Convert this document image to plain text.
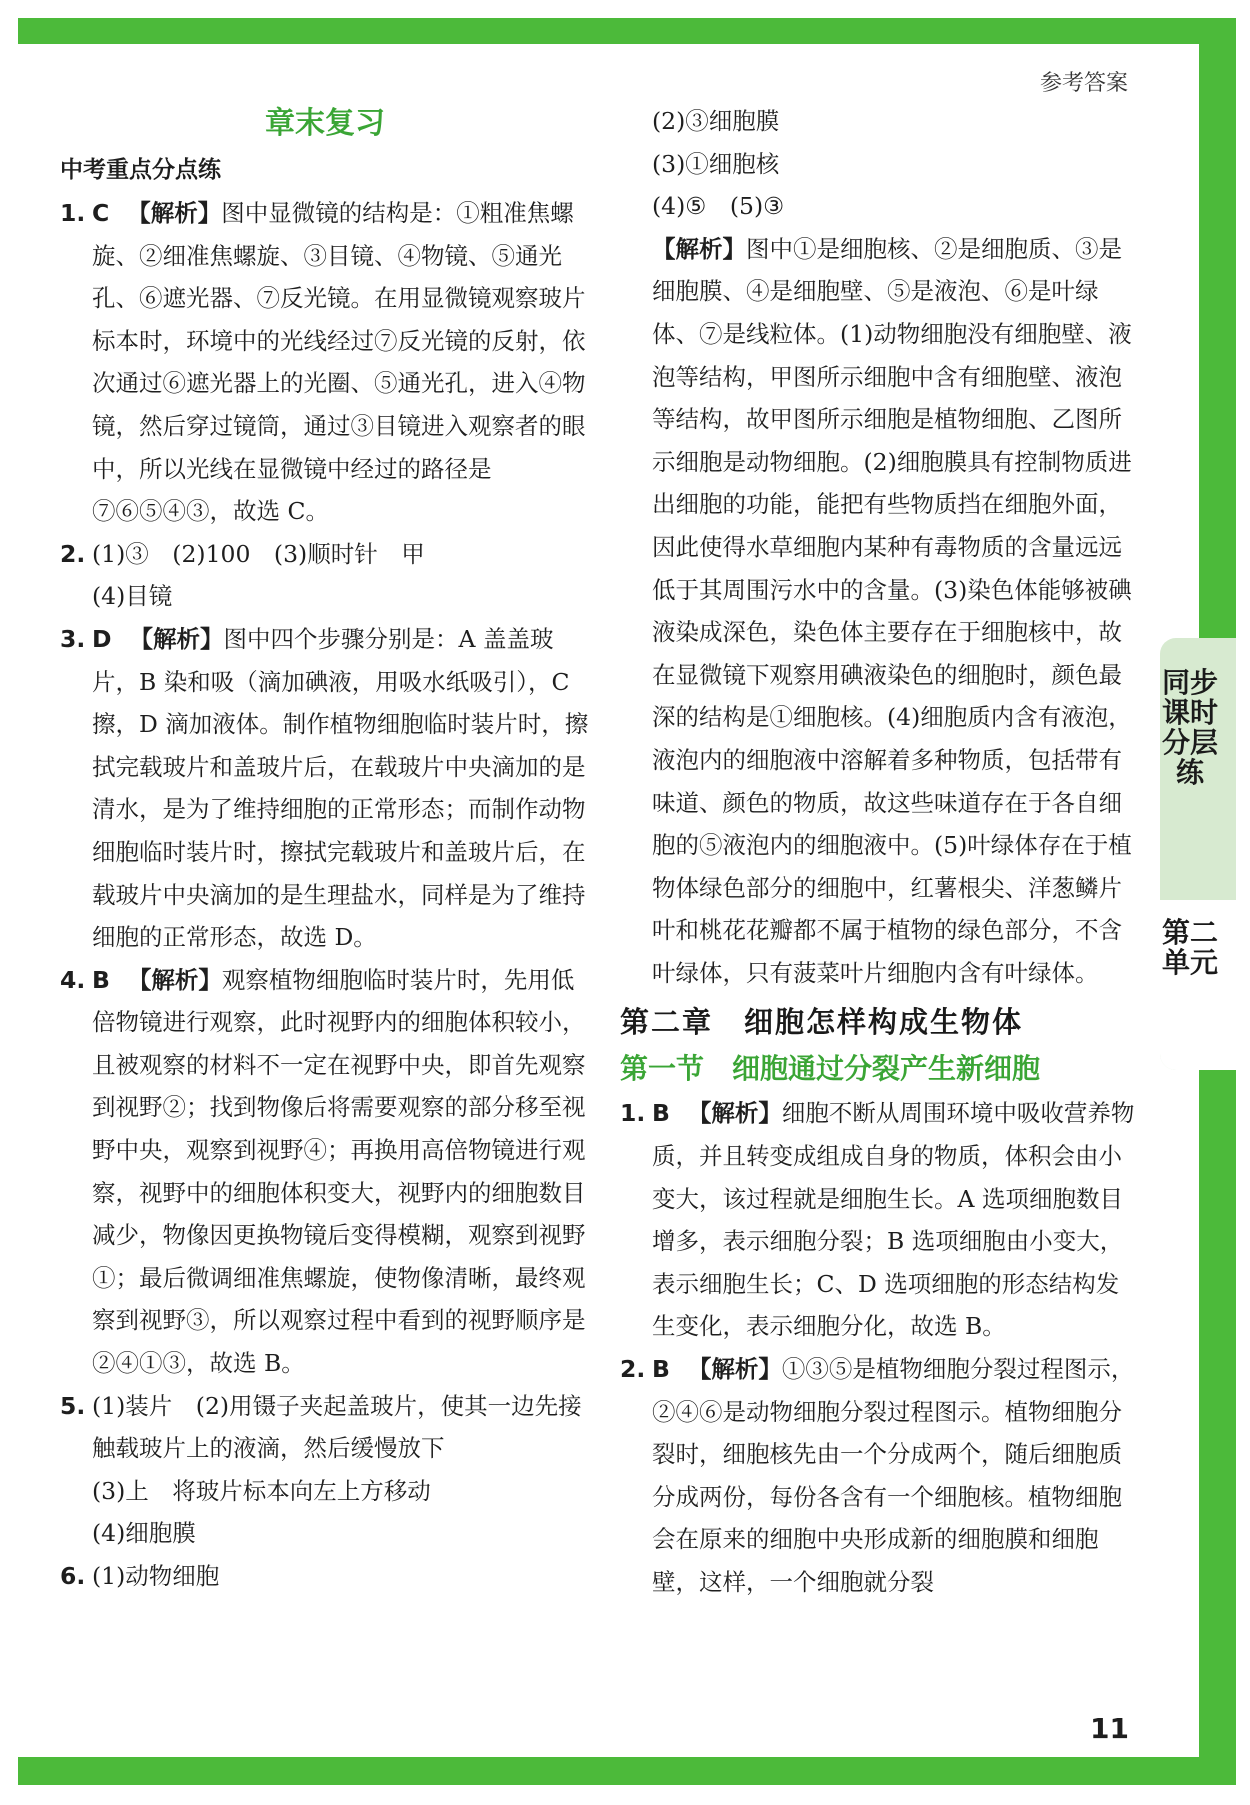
同步课时分层练
第二单元
参考答案
章末复习
中考重点分点练
1. C 【解析】图中显微镜的结构是：①粗准焦螺旋、②细准焦螺旋、③目镜、④物镜、⑤通光孔、⑥遮光器、⑦反光镜。在用显微镜观察玻片标本时，环境中的光线经过⑦反光镜的反射，依次通过⑥遮光器上的光圈、⑤通光孔，进入④物镜，然后穿过镜筒，通过③目镜进入观察者的眼中，所以光线在显微镜中经过的路径是⑦⑥⑤④③，故选 C。

2. (1)③　(2)100　(3)顺时针　甲

(4)目镜

3. D 【解析】图中四个步骤分别是：A 盖盖玻片，B 染和吸（滴加碘液，用吸水纸吸引），C 擦，D 滴加液体。制作植物细胞临时装片时，擦拭完载玻片和盖玻片后，在载玻片中央滴加的是清水，是为了维持细胞的正常形态；而制作动物细胞临时装片时，擦拭完载玻片和盖玻片后，在载玻片中央滴加的是生理盐水，同样是为了维持细胞的正常形态，故选 D。

4. B 【解析】观察植物细胞临时装片时，先用低倍物镜进行观察，此时视野内的细胞体积较小，且被观察的材料不一定在视野中央，即首先观察到视野②；找到物像后将需要观察的部分移至视野中央，观察到视野④；再换用高倍物镜进行观察，视野中的细胞体积变大，视野内的细胞数目减少，物像因更换物镜后变得模糊，观察到视野①；最后微调细准焦螺旋，使物像清晰，最终观察到视野③，所以观察过程中看到的视野顺序是②④①③，故选 B。

5. (1)装片　(2)用镊子夹起盖玻片，使其一边先接触载玻片上的液滴，然后缓慢放下

(3)上　将玻片标本向左上方移动

(4)细胞膜

6. (1)动物细胞

(2)③细胞膜

(3)①细胞核

(4)⑤　(5)③

【解析】图中①是细胞核、②是细胞质、③是细胞膜、④是细胞壁、⑤是液泡、⑥是叶绿体、⑦是线粒体。(1)动物细胞没有细胞壁、液泡等结构，甲图所示细胞中含有细胞壁、液泡等结构，故甲图所示细胞是植物细胞、乙图所示细胞是动物细胞。(2)细胞膜具有控制物质进出细胞的功能，能把有些物质挡在细胞外面，因此使得水草细胞内某种有毒物质的含量远远低于其周围污水中的含量。(3)染色体能够被碘液染成深色，染色体主要存在于细胞核中，故在显微镜下观察用碘液染色的细胞时，颜色最深的结构是①细胞核。(4)细胞质内含有液泡，液泡内的细胞液中溶解着多种物质，包括带有味道、颜色的物质，故这些味道存在于各自细胞的⑤液泡内的细胞液中。(5)叶绿体存在于植物体绿色部分的细胞中，红薯根尖、洋葱鳞片叶和桃花花瓣都不属于植物的绿色部分，不含叶绿体，只有菠菜叶片细胞内含有叶绿体。

第二章　细胞怎样构成生物体
第一节　细胞通过分裂产生新细胞
1. B 【解析】细胞不断从周围环境中吸收营养物质，并且转变成组成自身的物质，体积会由小变大，该过程就是细胞生长。A 选项细胞数目增多，表示细胞分裂；B 选项细胞由小变大，表示细胞生长；C、D 选项细胞的形态结构发生变化，表示细胞分化，故选 B。

2. B 【解析】①③⑤是植物细胞分裂过程图示，②④⑥是动物细胞分裂过程图示。植物细胞分裂时，细胞核先由一个分成两个，随后细胞质分成两份，每份各含有一个细胞核。植物细胞会在原来的细胞中央形成新的细胞膜和细胞壁，这样，一个细胞就分裂

11
